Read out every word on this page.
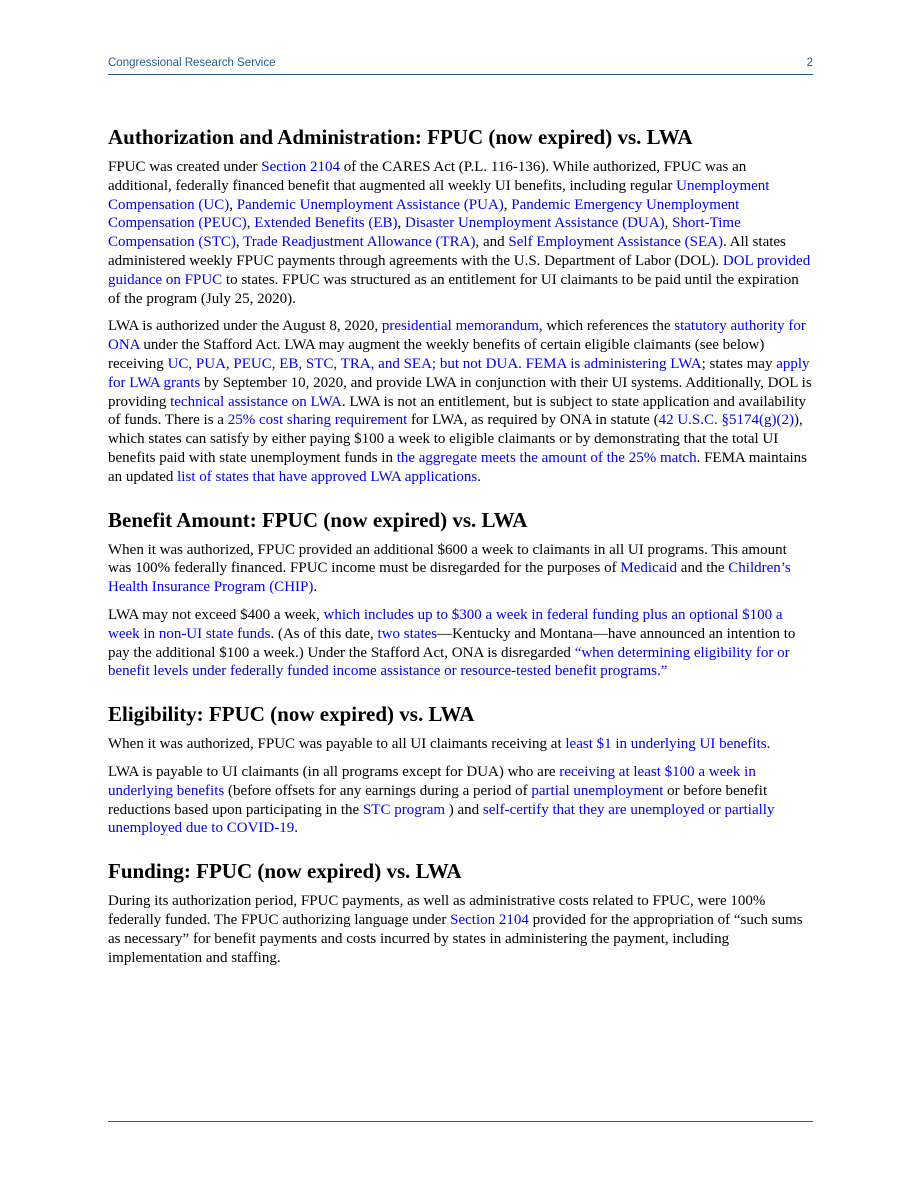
Congressional Research Service	2
Authorization and Administration: FPUC (now expired) vs. LWA

FPUC was created under Section 2104 of the CARES Act (P.L. 116-136). While authorized, FPUC was an additional, federally financed benefit that augmented all weekly UI benefits, including regular Unemployment Compensation (UC), Pandemic Unemployment Assistance (PUA), Pandemic Emergency Unemployment Compensation (PEUC), Extended Benefits (EB), Disaster Unemployment Assistance (DUA), Short-Time Compensation (STC), Trade Readjustment Allowance (TRA), and Self Employment Assistance (SEA). All states administered weekly FPUC payments through agreements with the U.S. Department of Labor (DOL). DOL provided guidance on FPUC to states. FPUC was structured as an entitlement for UI claimants to be paid until the expiration of the program (July 25, 2020).

LWA is authorized under the August 8, 2020, presidential memorandum, which references the statutory authority for ONA under the Stafford Act. LWA may augment the weekly benefits of certain eligible claimants (see below) receiving UC, PUA, PEUC, EB, STC, TRA, and SEA; but not DUA. FEMA is administering LWA; states may apply for LWA grants by September 10, 2020, and provide LWA in conjunction with their UI systems. Additionally, DOL is providing technical assistance on LWA. LWA is not an entitlement, but is subject to state application and availability of funds. There is a 25% cost sharing requirement for LWA, as required by ONA in statute (42 U.S.C. §5174(g)(2)), which states can satisfy by either paying $100 a week to eligible claimants or by demonstrating that the total UI benefits paid with state unemployment funds in the aggregate meets the amount of the 25% match. FEMA maintains an updated list of states that have approved LWA applications.

Benefit Amount: FPUC (now expired) vs. LWA

When it was authorized, FPUC provided an additional $600 a week to claimants in all UI programs. This amount was 100% federally financed. FPUC income must be disregarded for the purposes of Medicaid and the Children’s Health Insurance Program (CHIP).

LWA may not exceed $400 a week, which includes up to $300 a week in federal funding plus an optional $100 a week in non-UI state funds. (As of this date, two states—Kentucky and Montana—have announced an intention to pay the additional $100 a week.) Under the Stafford Act, ONA is disregarded “when determining eligibility for or benefit levels under federally funded income assistance or resource-tested benefit programs.”

Eligibility: FPUC (now expired) vs. LWA

When it was authorized, FPUC was payable to all UI claimants receiving at least $1 in underlying UI benefits.

LWA is payable to UI claimants (in all programs except for DUA) who are receiving at least $100 a week in underlying benefits (before offsets for any earnings during a period of partial unemployment or before benefit reductions based upon participating in the STC program ) and self-certify that they are unemployed or partially unemployed due to COVID-19.

Funding: FPUC (now expired) vs. LWA

During its authorization period, FPUC payments, as well as administrative costs related to FPUC, were 100% federally funded. The FPUC authorizing language under Section 2104 provided for the appropriation of “such sums as necessary” for benefit payments and costs incurred by states in administering the payment, including implementation and staffing.
